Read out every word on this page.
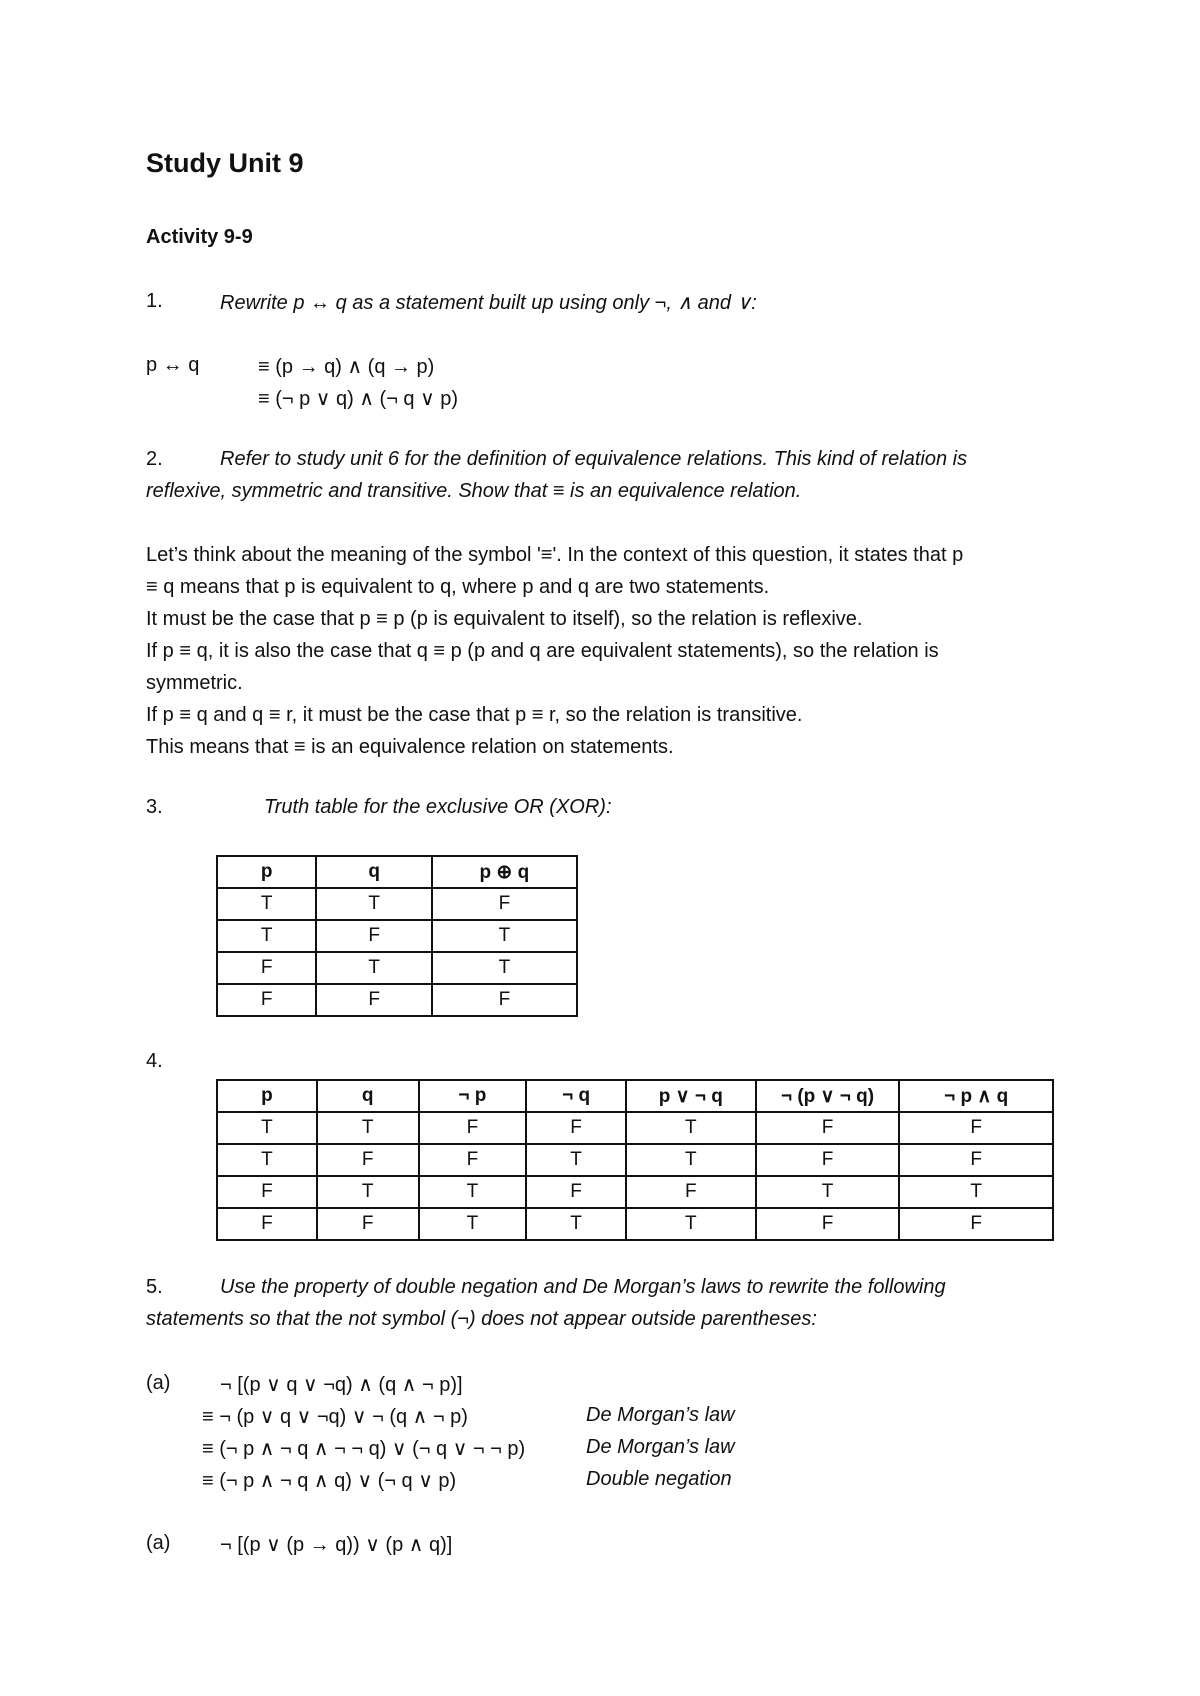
Study Unit 9
Activity 9-9
1.	Rewrite p ↔ q as a statement built up using only ¬, ∧ and ∨:
p ↔ q	≡ (p → q) ∧ (q → p)
≡ (¬ p ∨ q) ∧ (¬ q ∨ p)
2.	Refer to study unit 6 for the definition of equivalence relations. This kind of relation is
reflexive, symmetric and transitive. Show that ≡ is an equivalence relation.
Let’s think about the meaning of the symbol '≡'. In the context of this question, it states that p
≡ q means that p is equivalent to q, where p and q are two statements.
It must be the case that p ≡ p (p is equivalent to itself), so the relation is reflexive.
If p ≡ q, it is also the case that q ≡ p (p and q are equivalent statements), so the relation is
symmetric.
If p ≡ q and q ≡ r, it must be the case that p ≡ r, so the relation is transitive.
This means that ≡ is an equivalence relation on statements.
3.	Truth table for the exclusive OR (XOR):
p	q	p ⊕ q
T	T	F
T	F	T
F	T	T
F	F	F
4.
p	q	¬ p	¬ q	p ∨ ¬ q	¬ (p ∨ ¬ q)	¬ p ∧ q
T	T	F	F	T	F	F
T	F	F	T	T	F	F
F	T	T	F	F	T	T
F	F	T	T	T	F	F
5.	Use the property of double negation and De Morgan’s laws to rewrite the following
statements so that the not symbol (¬) does not appear outside parentheses:
(a) ¬ [(p ∨ q ∨ ¬q) ∧ (q ∧ ¬ p)]
≡ ¬ (p ∨ q ∨ ¬q) ∨ ¬ (q ∧ ¬ p)	De Morgan’s law
≡ (¬ p ∧ ¬ q ∧ ¬ ¬ q) ∨ (¬ q ∨ ¬ ¬ p)	De Morgan’s law
≡ (¬ p ∧ ¬ q ∧ q) ∨ (¬ q ∨ p)	Double negation
(a) ¬ [(p ∨ (p → q)) ∨ (p ∧ q)]
